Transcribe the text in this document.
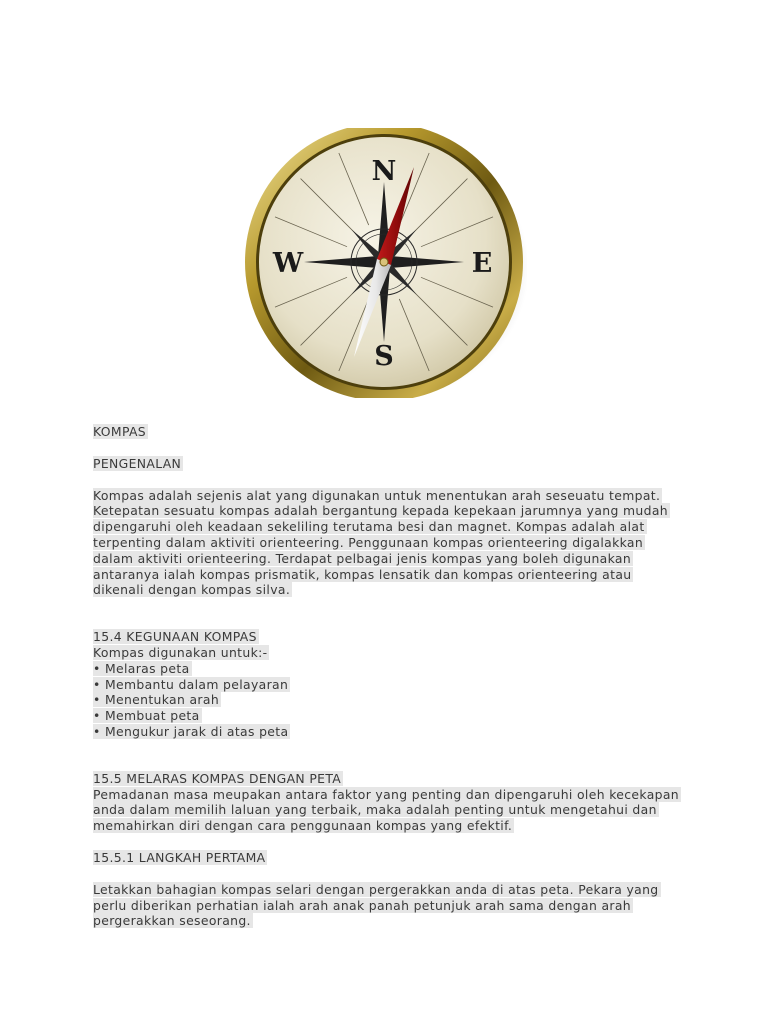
N
E
S
W
KOMPAS
PENGENALAN
Kompas adalah sejenis alat yang digunakan untuk menentukan arah seseuatu tempat.
Ketepatan sesuatu kompas adalah bergantung kepada kepekaan jarumnya yang mudah
dipengaruhi oleh keadaan sekeliling terutama besi dan magnet. Kompas adalah alat
terpenting dalam aktiviti orienteering. Penggunaan kompas orienteering digalakkan
dalam aktiviti orienteering. Terdapat pelbagai jenis kompas yang boleh digunakan
antaranya ialah kompas prismatik, kompas lensatik dan kompas orienteering atau
dikenali dengan kompas silva.
15.4 KEGUNAAN KOMPAS
Kompas digunakan untuk:-
• Melaras peta
• Membantu dalam pelayaran
• Menentukan arah
• Membuat peta
• Mengukur jarak di atas peta
15.5 MELARAS KOMPAS DENGAN PETA
Pemadanan masa meupakan antara faktor yang penting dan dipengaruhi oleh kecekapan
anda dalam memilih laluan yang terbaik, maka adalah penting untuk mengetahui dan
memahirkan diri dengan cara penggunaan kompas yang efektif.
15.5.1 LANGKAH PERTAMA
Letakkan bahagian kompas selari dengan pergerakkan anda di atas peta. Pekara yang
perlu diberikan perhatian ialah arah anak panah petunjuk arah sama dengan arah
pergerakkan seseorang.
